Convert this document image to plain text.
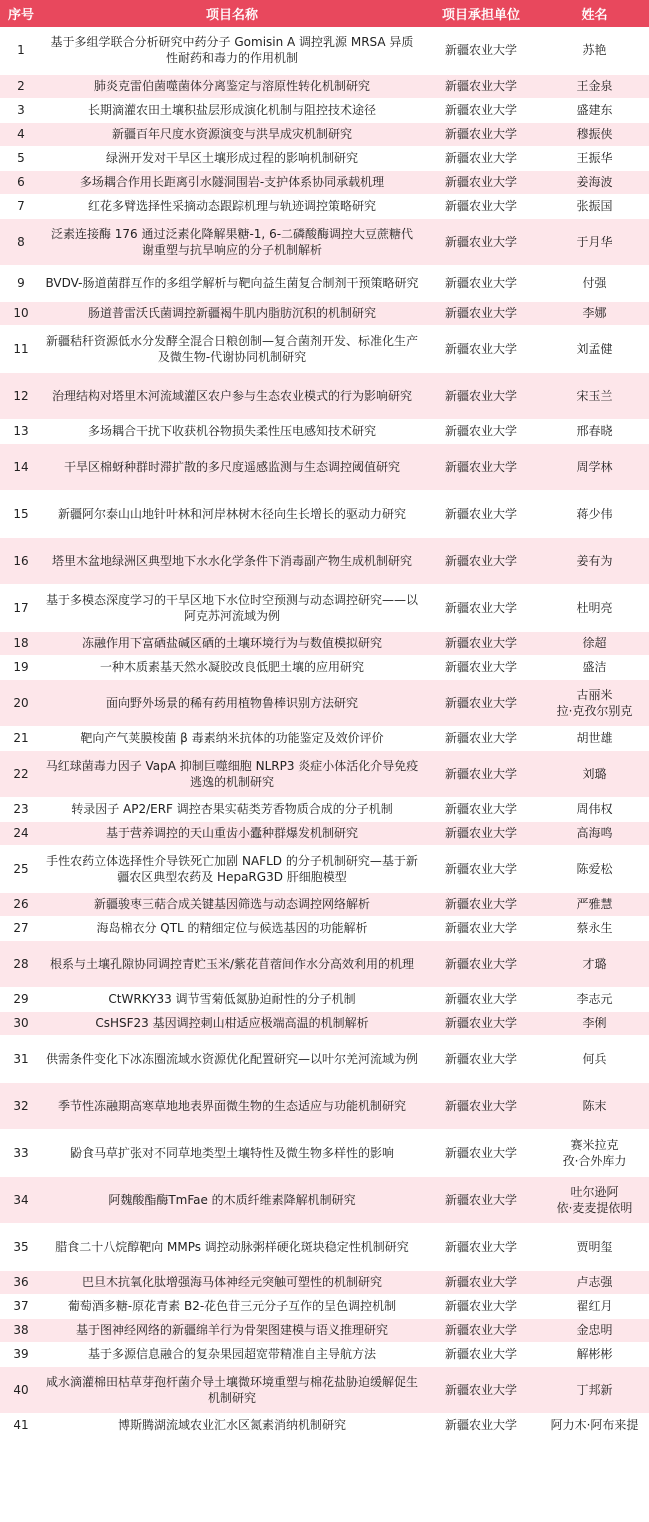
序号	项目名称	项目承担单位	姓名
1	基于多组学联合分析研究中药分子 Gomisin A 调控乳源 MRSA 异质性耐药和毒力的作用机制	新疆农业大学	苏艳
2	肺炎克雷伯菌噬菌体分离鉴定与溶原性转化机制研究	新疆农业大学	王金泉
3	长期滴灌农田土壤积盐层形成演化机制与阻控技术途径	新疆农业大学	盛建东
4	新疆百年尺度水资源演变与洪旱成灾机制研究	新疆农业大学	穆振侠
5	绿洲开发对干旱区土壤形成过程的影响机制研究	新疆农业大学	王振华
6	多场耦合作用长距离引水隧洞围岩-支护体系协同承载机理	新疆农业大学	姜海波
7	红花多臂选择性采摘动态跟踪机理与轨迹调控策略研究	新疆农业大学	张振国
8	泛素连接酶 176 通过泛素化降解果糖-1, 6-二磷酸酶调控大豆蔗糖代谢重塑与抗旱响应的分子机制解析	新疆农业大学	于月华
9	BVDV-肠道菌群互作的多组学解析与靶向益生菌复合制剂干预策略研究	新疆农业大学	付强
10	肠道普雷沃氏菌调控新疆褐牛肌内脂肪沉积的机制研究	新疆农业大学	李娜
11	新疆秸秆资源低水分发酵全混合日粮创制—复合菌剂开发、标准化生产及微生物-代谢协同机制研究	新疆农业大学	刘孟健
12	治理结构对塔里木河流域灌区农户参与生态农业模式的行为影响研究	新疆农业大学	宋玉兰
13	多场耦合干扰下收获机谷物损失柔性压电感知技术研究	新疆农业大学	邢春晓
14	干旱区棉蚜种群时滞扩散的多尺度遥感监测与生态调控阈值研究	新疆农业大学	周学林
15	新疆阿尔泰山山地针叶林和河岸林树木径向生长增长的驱动力研究	新疆农业大学	蒋少伟
16	塔里木盆地绿洲区典型地下水水化学条件下消毒副产物生成机制研究	新疆农业大学	姜有为
17	基于多模态深度学习的干旱区地下水位时空预测与动态调控研究——以阿克苏河流域为例	新疆农业大学	杜明亮
18	冻融作用下富硒盐碱区硒的土壤环境行为与数值模拟研究	新疆农业大学	徐超
19	一种木质素基天然水凝胶改良低肥土壤的应用研究	新疆农业大学	盛洁
20	面向野外场景的稀有药用植物鲁棒识别方法研究	新疆农业大学	古丽米
拉·克孜尔别克
21	靶向产气荚膜梭菌 β 毒素纳米抗体的功能鉴定及效价评价	新疆农业大学	胡世雄
22	马红球菌毒力因子 VapA 抑制巨噬细胞 NLRP3 炎症小体活化介导免疫逃逸的机制研究	新疆农业大学	刘璐
23	转录因子 AP2/ERF 调控杏果实萜类芳香物质合成的分子机制	新疆农业大学	周伟权
24	基于营养调控的天山重齿小蠹种群爆发机制研究	新疆农业大学	高海鸣
25	手性农药立体选择性介导铁死亡加剧 NAFLD 的分子机制研究—基于新疆农区典型农药及 HepaRG3D 肝细胞模型	新疆农业大学	陈爱松
26	新疆骏枣三萜合成关键基因筛选与动态调控网络解析	新疆农业大学	严雅慧
27	海岛棉衣分 QTL 的精细定位与候选基因的功能解析	新疆农业大学	蔡永生
28	根系与土壤孔隙协同调控青贮玉米/紫花苜蓿间作水分高效利用的机理	新疆农业大学	才璐
29	CtWRKY33 调节雪菊低氮胁迫耐性的分子机制	新疆农业大学	李志元
30	CsHSF23 基因调控刺山柑适应极端高温的机制解析	新疆农业大学	李俐
31	供需条件变化下冰冻圈流域水资源优化配置研究—以叶尔羌河流域为例	新疆农业大学	何兵
32	季节性冻融期高寒草地地表界面微生物的生态适应与功能机制研究	新疆农业大学	陈末
33	鼢食马草扩张对不同草地类型土壤特性及微生物多样性的影响	新疆农业大学	赛米拉克
孜·合外库力
34	阿魏酸酯酶TmFae 的木质纤维素降解机制研究	新疆农业大学	吐尔逊阿
依·麦麦提依明
35	腊食二十八烷醇靶向 MMPs 调控动脉粥样硬化斑块稳定性机制研究	新疆农业大学	贾明玺
36	巴旦木抗氧化肽增强海马体神经元突触可塑性的机制研究	新疆农业大学	卢志强
37	葡萄酒多糖-原花青素 B2-花色苷三元分子互作的呈色调控机制	新疆农业大学	翟红月
38	基于图神经网络的新疆绵羊行为骨架图建模与语义推理研究	新疆农业大学	金忠明
39	基于多源信息融合的复杂果园超宽带精准自主导航方法	新疆农业大学	解彬彬
40	咸水滴灌棉田枯草芽孢杆菌介导土壤微环境重塑与棉花盐胁迫缓解促生机制研究	新疆农业大学	丁邦新
41	博斯腾湖流域农业汇水区氮素消纳机制研究	新疆农业大学	阿力木·阿布来提
